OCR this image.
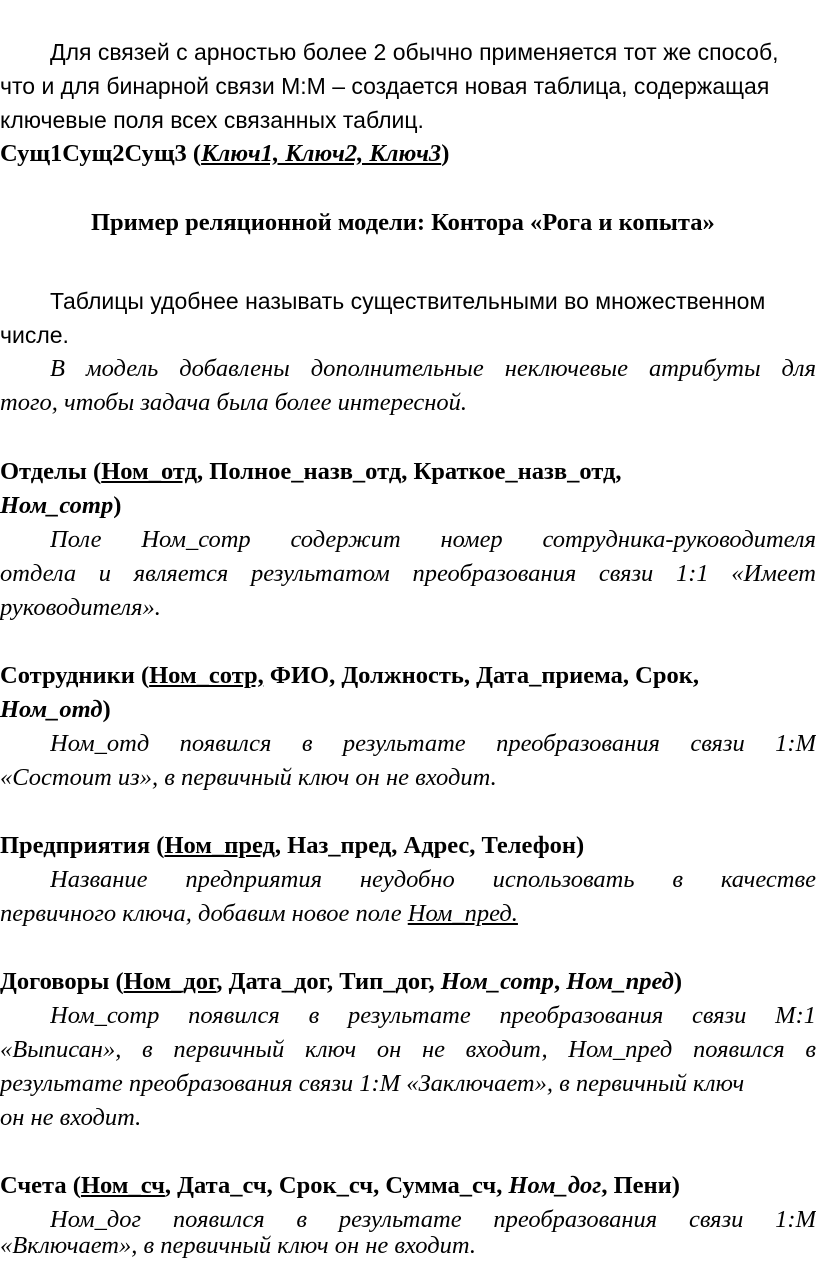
Для связей с арностью более 2 обычно применяется тот же способ,
что и для бинарной связи М:М – создается новая таблица, содержащая
ключевые поля всех связанных таблиц.
Сущ1Сущ2Сущ3 (Ключ1, Ключ2, Ключ3)
Пример реляционной модели: Контора «Рога и копыта»
Таблицы удобнее называть существительными во множественном
числе.
В модель добавлены дополнительные неключевые атрибуты для
того, чтобы задача была более интересной.
Отделы (Ном_отд, Полное_назв_отд, Краткое_назв_отд,
Ном_сотр)
Поле Ном_сотр содержит номер сотрудника-руководителя
отдела и является результатом преобразования связи 1:1 «Имеет
руководителя».
Сотрудники (Ном_сотр, ФИО, Должность, Дата_приема, Срок,
Ном_отд)
Ном_отд появился в результате преобразования связи 1:М
«Состоит из», в первичный ключ он не входит.
Предприятия (Ном_пред, Наз_пред, Адрес, Телефон)
Название предприятия неудобно использовать в качестве
первичного ключа, добавим новое поле Ном_пред.
Договоры (Ном_дог, Дата_дог, Тип_дог, Ном_сотр, Ном_пред)
Ном_сотр появился в результате преобразования связи М:1
«Выписан», в первичный ключ он не входит, Ном_пред появился в
результате преобразования связи 1:М «Заключает», в первичный ключ
он не входит.
Счета (Ном_сч, Дата_сч, Срок_сч, Сумма_сч, Ном_дог, Пени)
Ном_дог появился в результате преобразования связи 1:М
«Включает», в первичный ключ он не входит.
